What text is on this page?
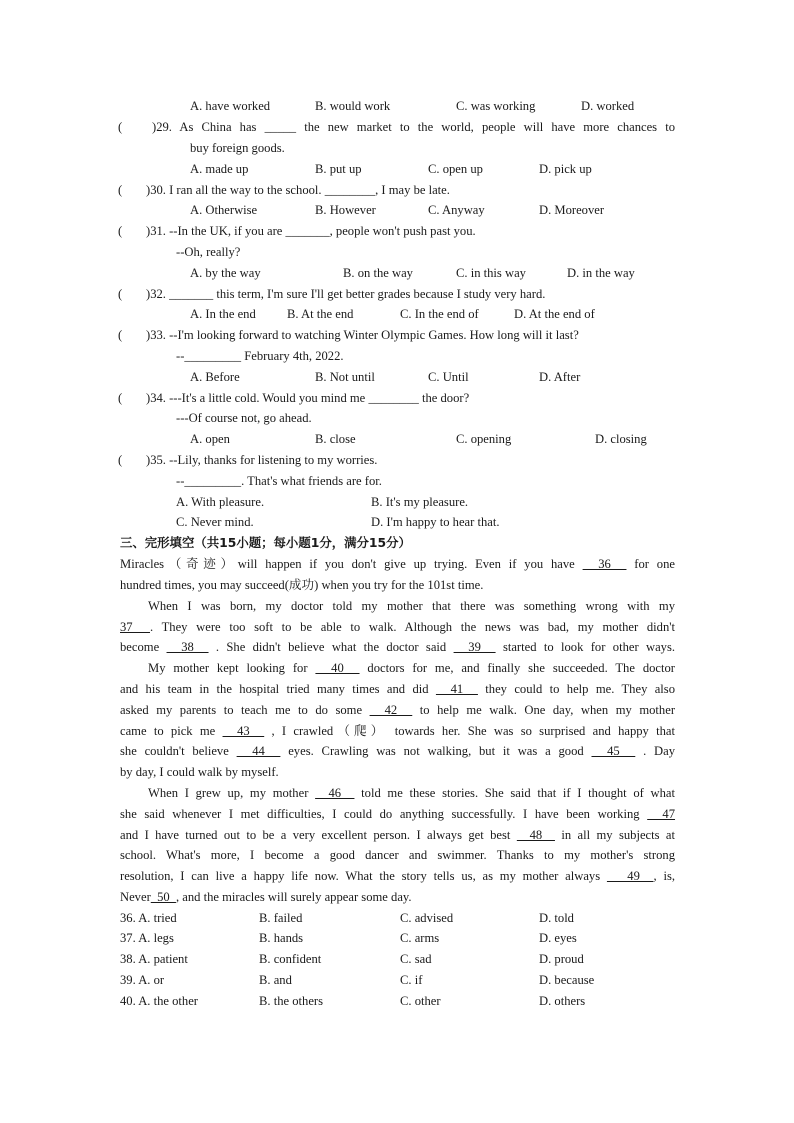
A. have worked	B. would work	C. was working	D. worked
( )29. As China has _____ the new market to the world, people will have more chances to
buy foreign goods.
A. made up	B. put up	C. open up	D. pick up
( )30. I ran all the way to the school. ________, I may be late.
A. Otherwise	B. However	C. Anyway	D. Moreover
( )31. --In the UK, if you are _______, people won't push past you.
--Oh, really?
A. by the way	B. on the way	C. in this way	D. in the way
( )32. _______ this term, I'm sure I'll get better grades because I study very hard.
A. In the end B. At the end	C. In the end of	D. At the end of
( )33. --I'm looking forward to watching Winter Olympic Games. How long will it last?
--_________ February 4th, 2022.
A. Before	B. Not until	C. Until	D. After
( )34. ---It's a little cold. Would you mind me ________ the door?
---Of course not, go ahead.
A. open	B. close	C. opening	D. closing
( )35. --Lily, thanks for listening to my worries.
--_________. That's what friends are for.
A. With pleasure.	B. It's my pleasure.
C. Never mind.	D. I'm happy to hear that.
三、完形填空（共15小题；每小题1分，满分15分）
Miracles（奇迹）will happen if you don't give up trying. Even if you have   36   for one
hundred times, you may succeed(成功) when you try for the 101st time.
When I was born, my doctor told my mother that there was something wrong with my
37  . They were too soft to be able to walk. Although the news was bad, my mother didn't
become   38   . She didn't believe what the doctor said   39   started to look for other ways.
My mother kept looking for   40   doctors for me, and finally she succeeded. The doctor
and his team in the hospital tried many times and did   41   they could to help me. They also
asked my parents to teach me to do some   42   to help me walk. One day, when my mother
came to pick me   43   , I crawled（爬） towards her. She was so surprised and happy that
she couldn't believe   44   eyes. Crawling was not walking, but it was a good   45   . Day
by day, I could walk by myself.
When I grew up, my mother   46   told me these stories. She said that if I thought of what
she said whenever I met difficulties, I could do anything successfully. I have been working   47
and I have turned out to be a very excellent person. I always get best   48   in all my subjects at
school. What's more, I become a good dancer and swimmer. Thanks to my mother's strong
resolution, I can live a happy life now. What the story tells us, as my mother always    49  , is,
Never  50  , and the miracles will surely appear some day.
36. A. tried	B. failed	C. advised	D. told
37. A. legs	B. hands	C. arms	D. eyes
38. A. patient	B. confident	C. sad	D. proud
39. A. or	B. and	C. if	D. because
40. A. the other	B. the others	C. other	D. others
